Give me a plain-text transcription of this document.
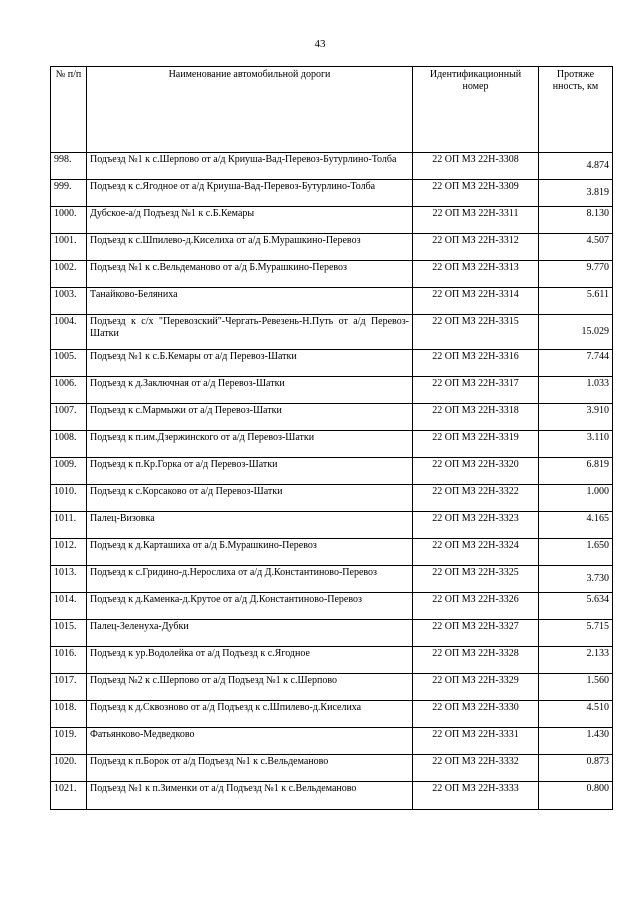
43
№ п/п	Наименование автомобильной дороги	Идентификационный номер	Протяже нность, км
998.	Подъезд №1 к с.Шерпово от а/д Криуша-Вад-Перевоз-Бутурлино-Толба	22 ОП МЗ 22Н-3308	4.874
999.	Подъезд к с.Ягодное от а/д Криуша-Вад-Перевоз-Бутурлино-Толба	22 ОП МЗ 22Н-3309	3.819
1000.	Дубское-а/д Подъезд №1 к с.Б.Кемары	22 ОП МЗ 22Н-3311	8.130
1001.	Подъезд к с.Шпилево-д.Киселиха от а/д Б.Мурашкино-Перевоз	22 ОП МЗ 22Н-3312	4.507
1002.	Подъезд №1 к с.Вельдеманово от а/д Б.Мурашкино-Перевоз	22 ОП МЗ 22Н-3313	9.770
1003.	Танайково-Беляниха	22 ОП МЗ 22Н-3314	5.611
1004.	Подъезд к с/х "Перевозский"-Чергать-Ревезень-Н.Путь от а/д Перевоз-Шатки	22 ОП МЗ 22Н-3315	15.029
1005.	Подъезд №1 к с.Б.Кемары от а/д Перевоз-Шатки	22 ОП МЗ 22Н-3316	7.744
1006.	Подъезд к д.Заключная от а/д Перевоз-Шатки	22 ОП МЗ 22Н-3317	1.033
1007.	Подъезд к с.Мармыжи от а/д Перевоз-Шатки	22 ОП МЗ 22Н-3318	3.910
1008.	Подъезд к п.им.Дзержинского от а/д Перевоз-Шатки	22 ОП МЗ 22Н-3319	3.110
1009.	Подъезд к п.Кр.Горка от а/д Перевоз-Шатки	22 ОП МЗ 22Н-3320	6.819
1010.	Подъезд к с.Корсаково от а/д Перевоз-Шатки	22 ОП МЗ 22Н-3322	1.000
1011.	Палец-Визовка	22 ОП МЗ 22Н-3323	4.165
1012.	Подъезд к д.Карташиха от а/д Б.Мурашкино-Перевоз	22 ОП МЗ 22Н-3324	1.650
1013.	Подъезд к с.Гридино-д.Нерослиха от а/д Д.Константиново-Перевоз	22 ОП МЗ 22Н-3325	3.730
1014.	Подъезд к д.Каменка-д.Крутое от а/д Д.Константиново-Перевоз	22 ОП МЗ 22Н-3326	5.634
1015.	Палец-Зеленуха-Дубки	22 ОП МЗ 22Н-3327	5.715
1016.	Подъезд к ур.Водолейка от а/д Подъезд к с.Ягодное	22 ОП МЗ 22Н-3328	2.133
1017.	Подъезд №2 к с.Шерпово от а/д Подъезд №1 к с.Шерпово	22 ОП МЗ 22Н-3329	1.560
1018.	Подъезд к д.Сквозново от а/д Подъезд к с.Шпилево-д.Киселиха	22 ОП МЗ 22Н-3330	4.510
1019.	Фатьянково-Медведково	22 ОП МЗ 22Н-3331	1.430
1020.	Подъезд к п.Борок от а/д Подъезд №1 к с.Вельдеманово	22 ОП МЗ 22Н-3332	0.873
1021.	Подъезд №1 к п.Зименки от а/д Подъезд №1 к с.Вельдеманово	22 ОП МЗ 22Н-3333	0.800
